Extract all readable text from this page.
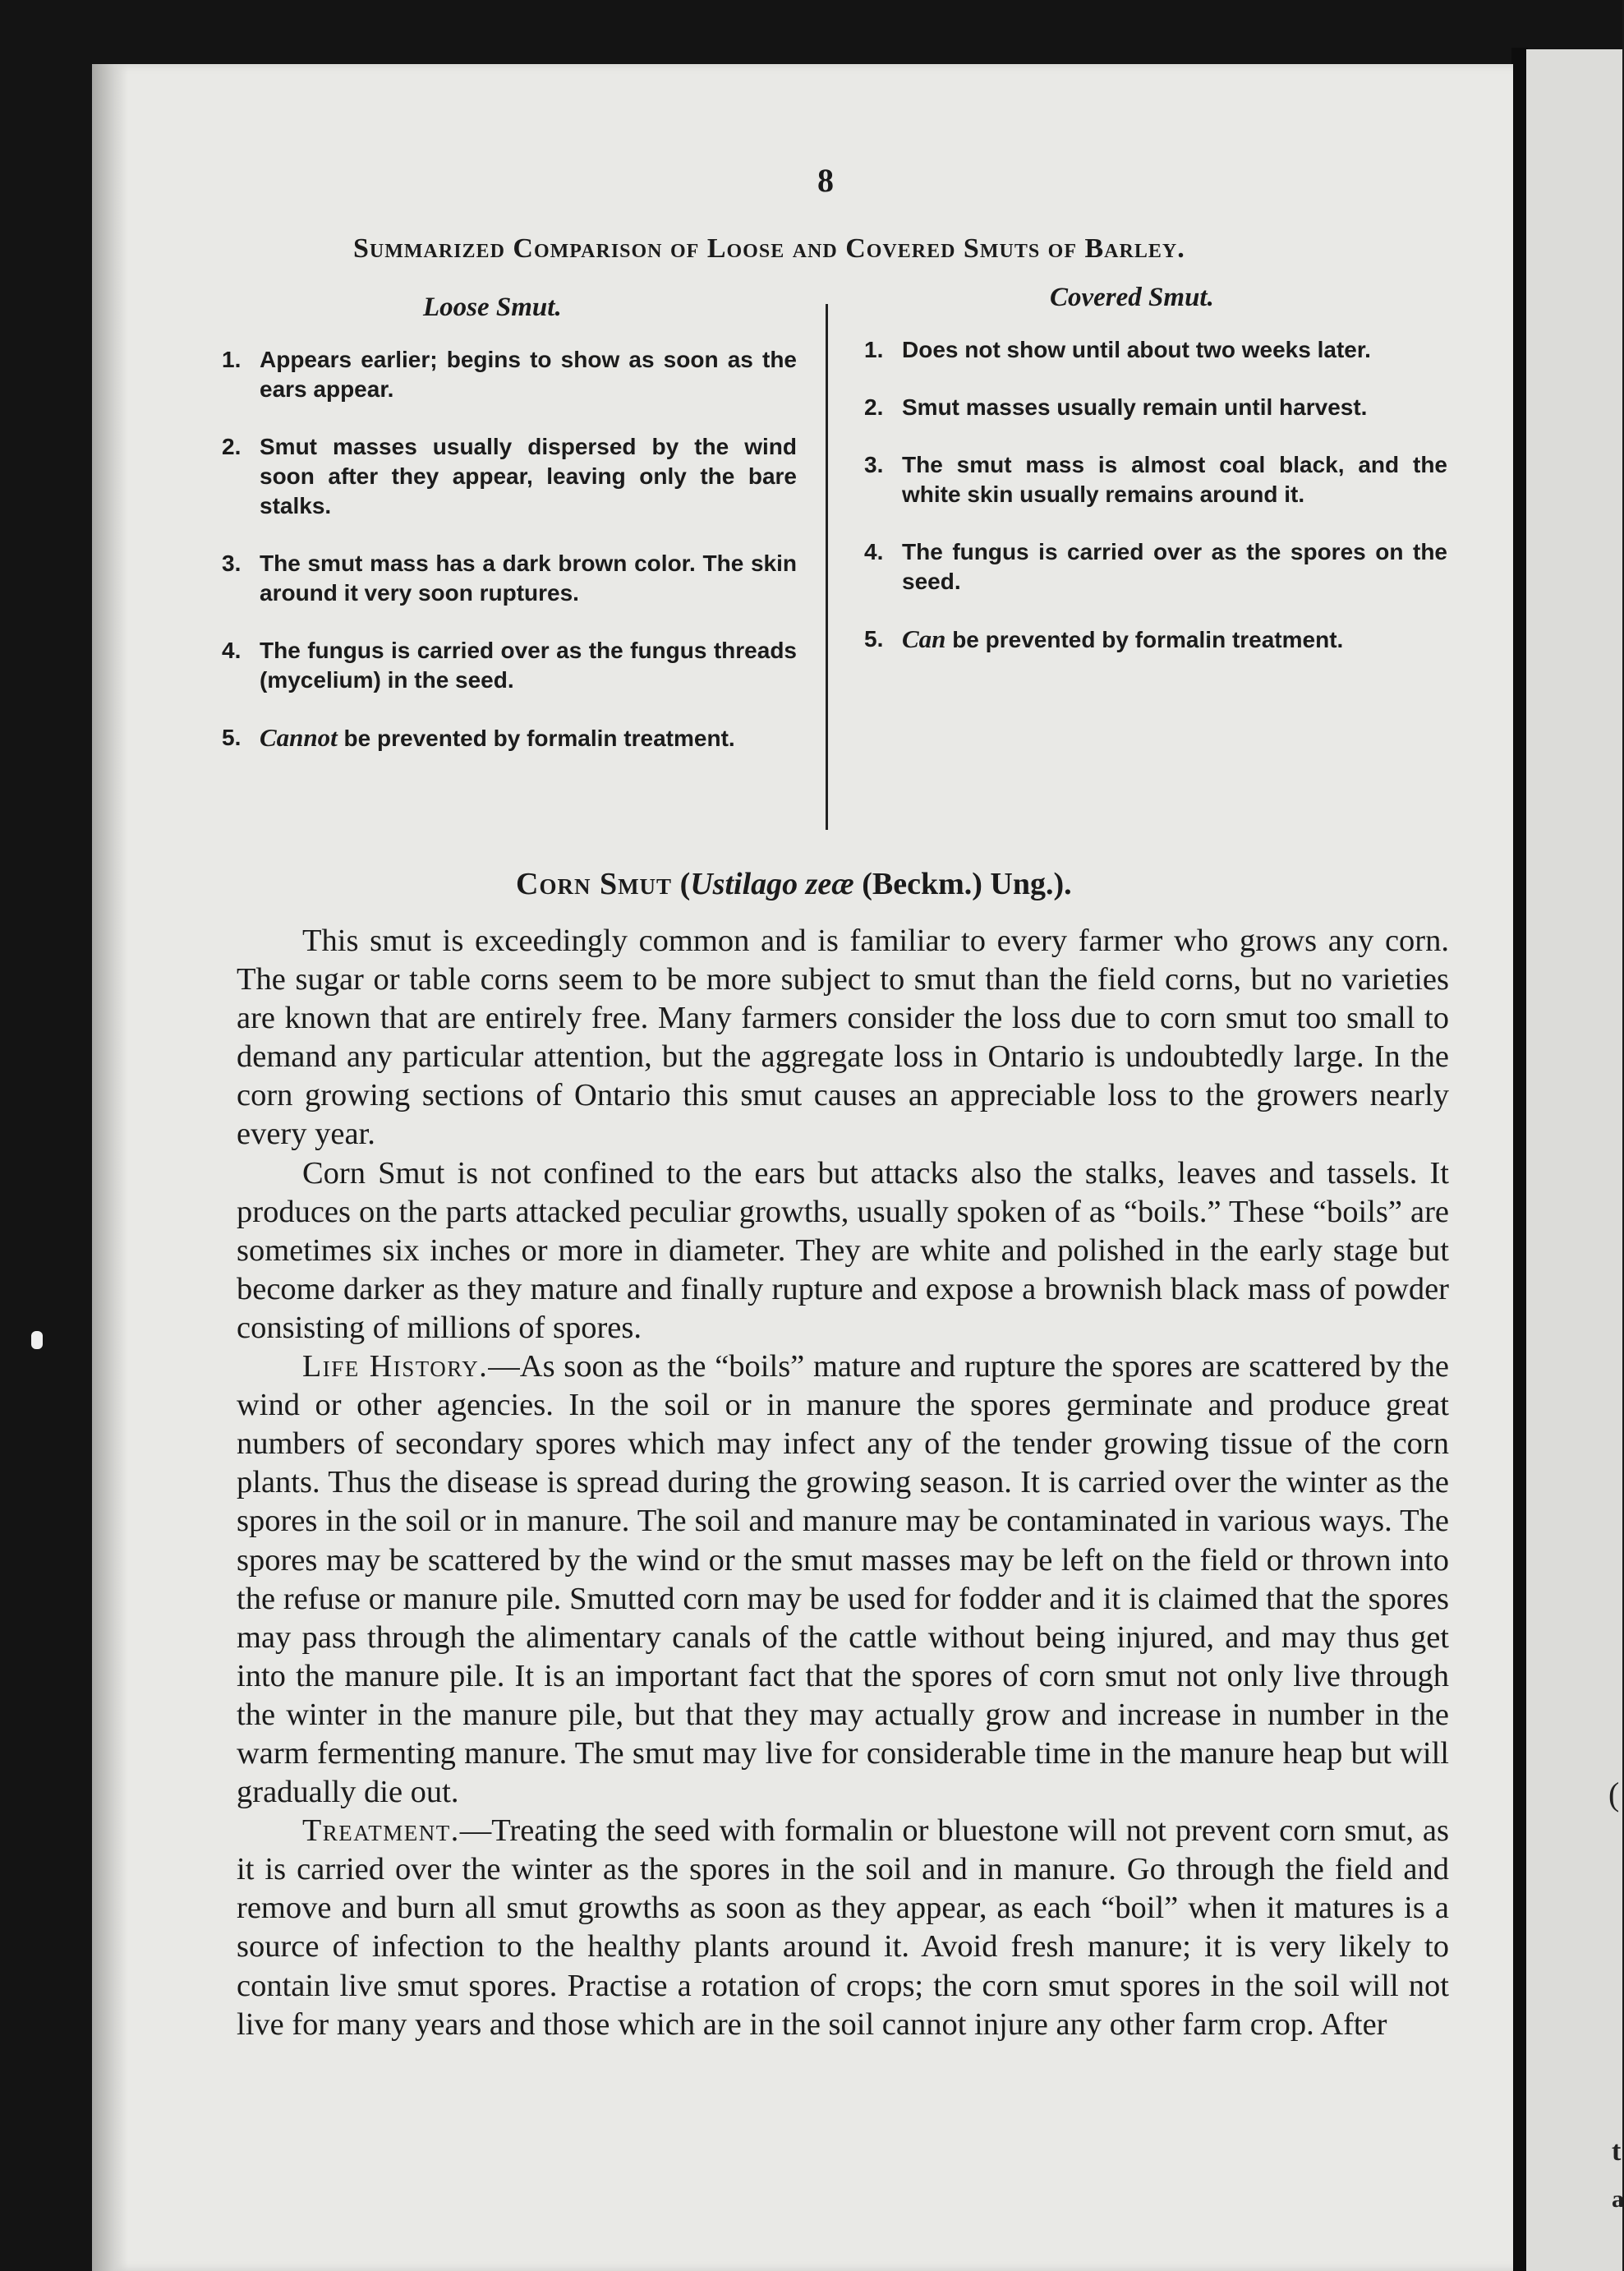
(
t
a
8
Summarized Comparison of Loose and Covered Smuts of Barley.
Loose Smut.	Covered Smut.
1. Appears earlier; begins to show as soon as the ears appear.
2. Smut masses usually dispersed by the wind soon after they appear, leaving only the bare stalks.
3. The smut mass has a dark brown color. The skin around it very soon ruptures.
4. The fungus is carried over as the fungus threads (mycelium) in the seed.
5. Cannot be prevented by formalin treatment.
1. Does not show until about two weeks later.
2. Smut masses usually remain until harvest.
3. The smut mass is almost coal black, and the white skin usually remains around it.
4. The fungus is carried over as the spores on the seed.
5. Can be prevented by formalin treatment.
Corn Smut (Ustilago zeæ (Beckm.) Ung.).

This smut is exceedingly common and is familiar to every farmer who grows any corn. The sugar or table corns seem to be more subject to smut than the field corns, but no varieties are known that are entirely free. Many farmers consider the loss due to corn smut too small to demand any particular attention, but the aggregate loss in Ontario is undoubtedly large. In the corn growing sections of Ontario this smut causes an appreciable loss to the growers nearly every year.

Corn Smut is not confined to the ears but attacks also the stalks, leaves and tassels. It produces on the parts attacked peculiar growths, usually spoken of as “boils.” These “boils” are sometimes six inches or more in diameter. They are white and polished in the early stage but become darker as they mature and finally rupture and expose a brownish black mass of powder consisting of millions of spores.

Life History.—As soon as the “boils” mature and rupture the spores are scattered by the wind or other agencies. In the soil or in manure the spores germinate and produce great numbers of secondary spores which may infect any of the tender growing tissue of the corn plants. Thus the disease is spread during the growing season. It is carried over the winter as the spores in the soil or in manure. The soil and manure may be contaminated in various ways. The spores may be scattered by the wind or the smut masses may be left on the field or thrown into the refuse or manure pile. Smutted corn may be used for fodder and it is claimed that the spores may pass through the alimentary canals of the cattle without being injured, and may thus get into the manure pile. It is an important fact that the spores of corn smut not only live through the winter in the manure pile, but that they may actually grow and increase in number in the warm fermenting manure. The smut may live for considerable time in the manure heap but will gradually die out.

Treatment.—Treating the seed with formalin or bluestone will not prevent corn smut, as it is carried over the winter as the spores in the soil and in manure. Go through the field and remove and burn all smut growths as soon as they appear, as each “boil” when it matures is a source of infection to the healthy plants around it. Avoid fresh manure; it is very likely to contain live smut spores. Practise a rotation of crops; the corn smut spores in the soil will not live for many years and those which are in the soil cannot injure any other farm crop. After
